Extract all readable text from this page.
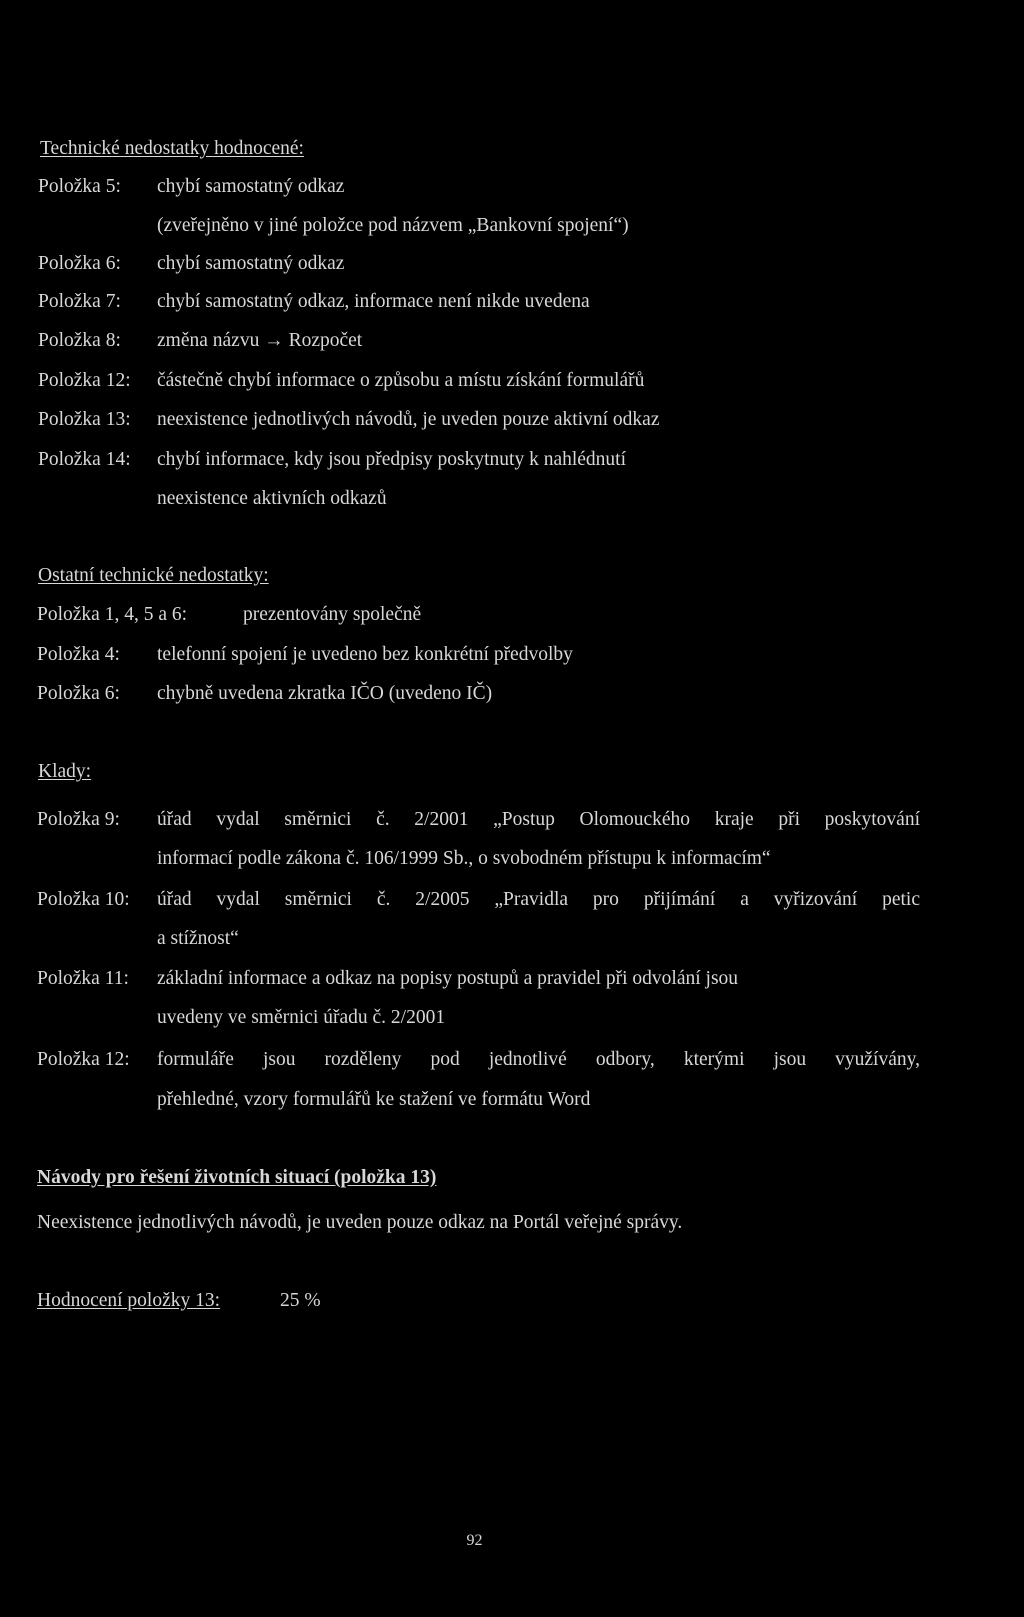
Technické nedostatky hodnocené:
Položka 5: chybí samostatný odkaz
(zveřejněno v jiné položce pod názvem „Bankovní spojení“)
Položka 6: chybí samostatný odkaz
Položka 7: chybí samostatný odkaz, informace není nikde uvedena
Položka 8: změna názvu → Rozpočet
Položka 12: částečně chybí informace o způsobu a místu získání formulářů
Položka 13: neexistence jednotlivých návodů, je uveden pouze aktivní odkaz
Položka 14: chybí informace, kdy jsou předpisy poskytnuty k nahlédnutí
neexistence aktivních odkazů
Ostatní technické nedostatky:
Položka 1, 4, 5 a 6:	prezentovány společně
Položka 4: telefonní spojení je uvedeno bez konkrétní předvolby
Položka 6: chybně uvedena zkratka IČO (uvedeno IČ)
Klady:
Položka 9: úřad vydal směrnici č. 2/2001 „Postup Olomouckého kraje při poskytování
informací podle zákona č. 106/1999 Sb., o svobodném přístupu k informacím“
Položka 10: úřad vydal směrnici č. 2/2005 „Pravidla pro přijímání a vyřizování petic
a stížnost“
Položka 11: základní informace a odkaz na popisy postupů a pravidel při odvolání jsou
uvedeny ve směrnici úřadu č. 2/2001
Položka 12: formuláře jsou rozděleny pod jednotlivé odbory, kterými jsou využívány,
přehledné, vzory formulářů ke stažení ve formátu Word
Návody pro řešení životních situací (položka 13)
Neexistence jednotlivých návodů, je uveden pouze odkaz na Portál veřejné správy.
Hodnocení položky 13:	25 %
92
